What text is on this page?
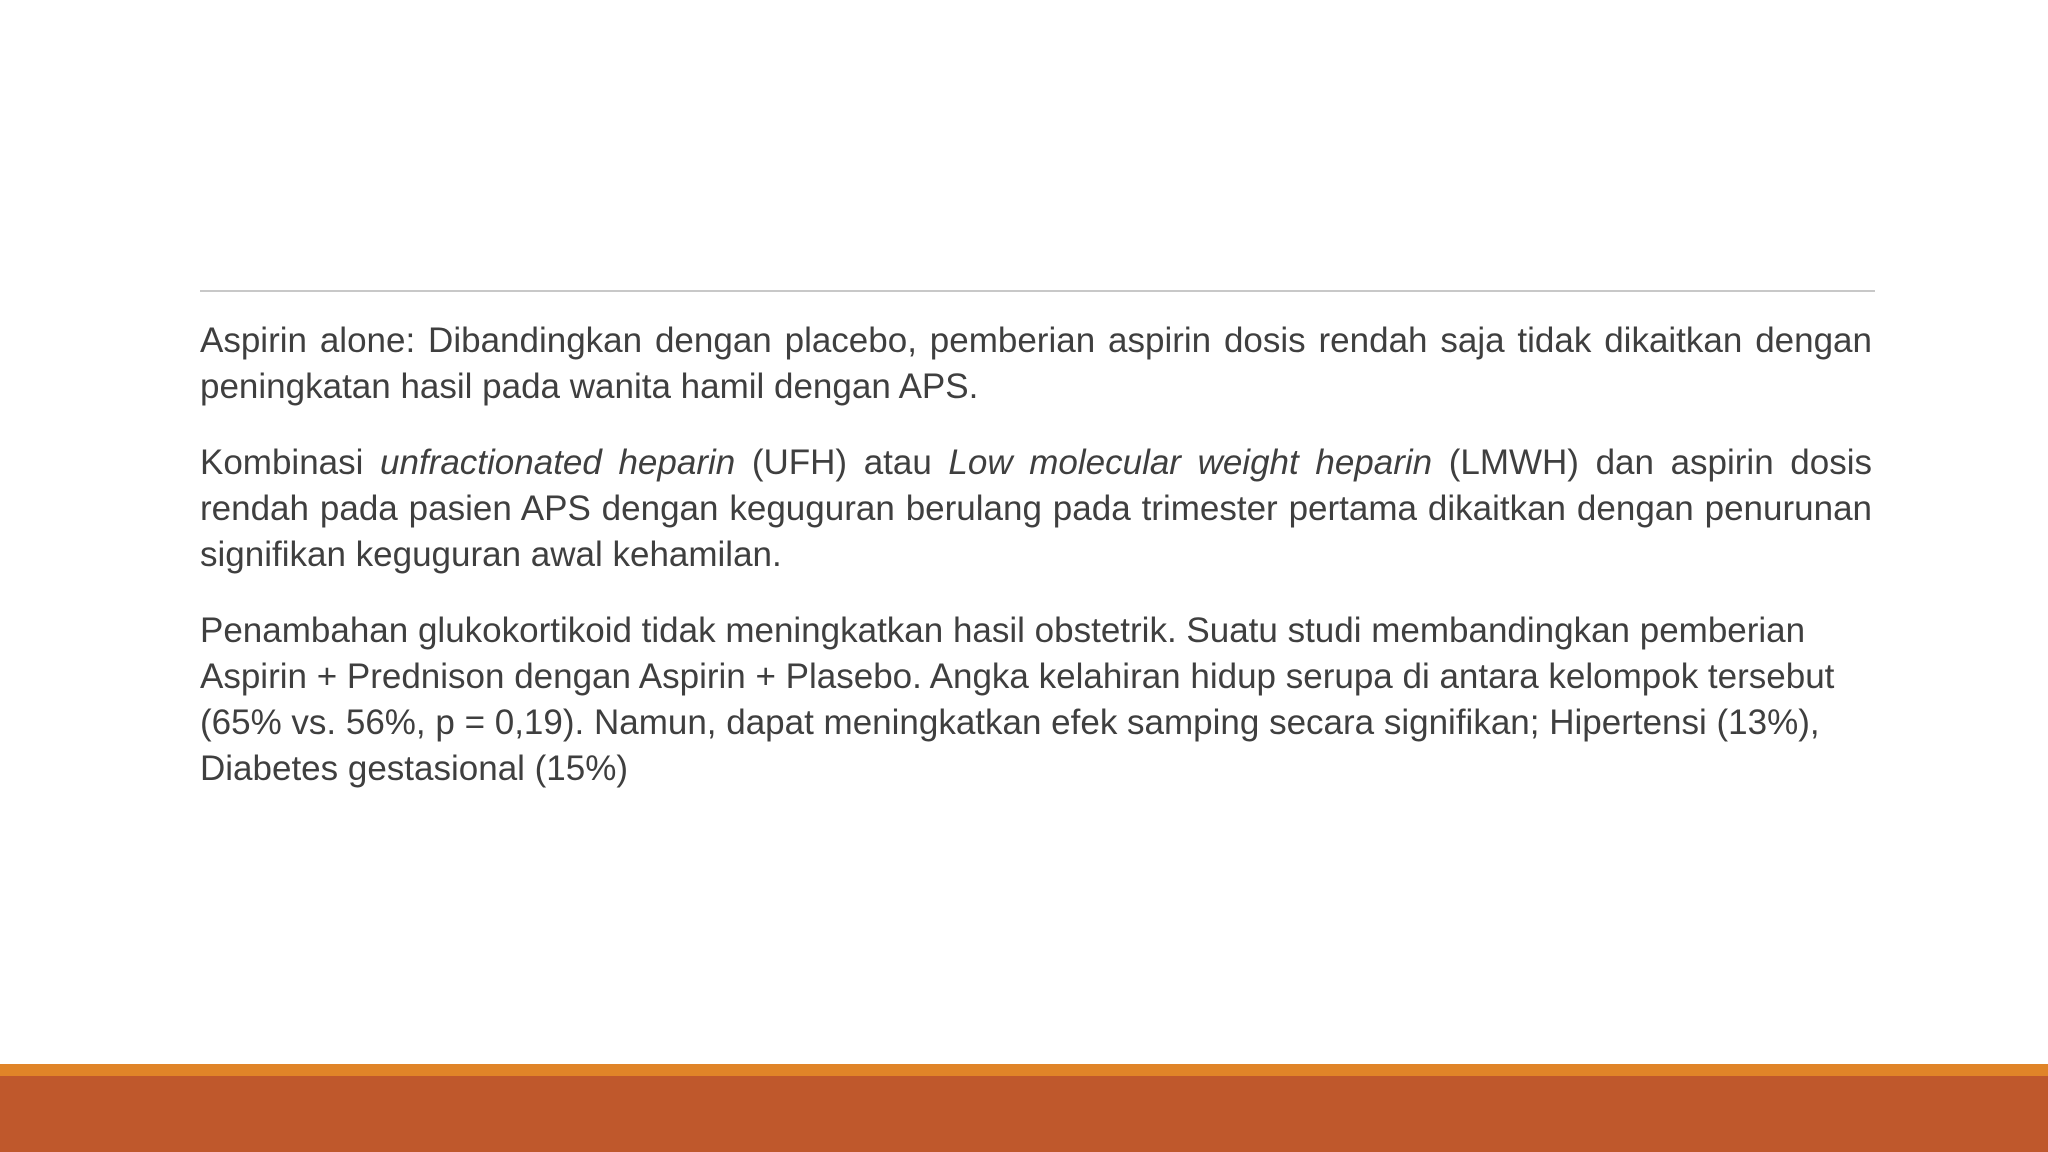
Aspirin alone: Dibandingkan dengan placebo, pemberian aspirin dosis rendah saja tidak dikaitkan dengan peningkatan hasil pada wanita hamil dengan APS.

Kombinasi unfractionated heparin (UFH) atau Low molecular weight heparin (LMWH) dan aspirin dosis rendah pada pasien APS dengan keguguran berulang pada trimester pertama dikaitkan dengan penurunan signifikan keguguran awal kehamilan.

Penambahan glukokortikoid tidak meningkatkan hasil obstetrik. Suatu studi membandingkan pemberian Aspirin + Prednison dengan Aspirin + Plasebo. Angka kelahiran hidup serupa di antara kelompok tersebut (65% vs. 56%, p = 0,19). Namun, dapat meningkatkan efek samping secara signifikan; Hipertensi (13%), Diabetes gestasional (15%)
